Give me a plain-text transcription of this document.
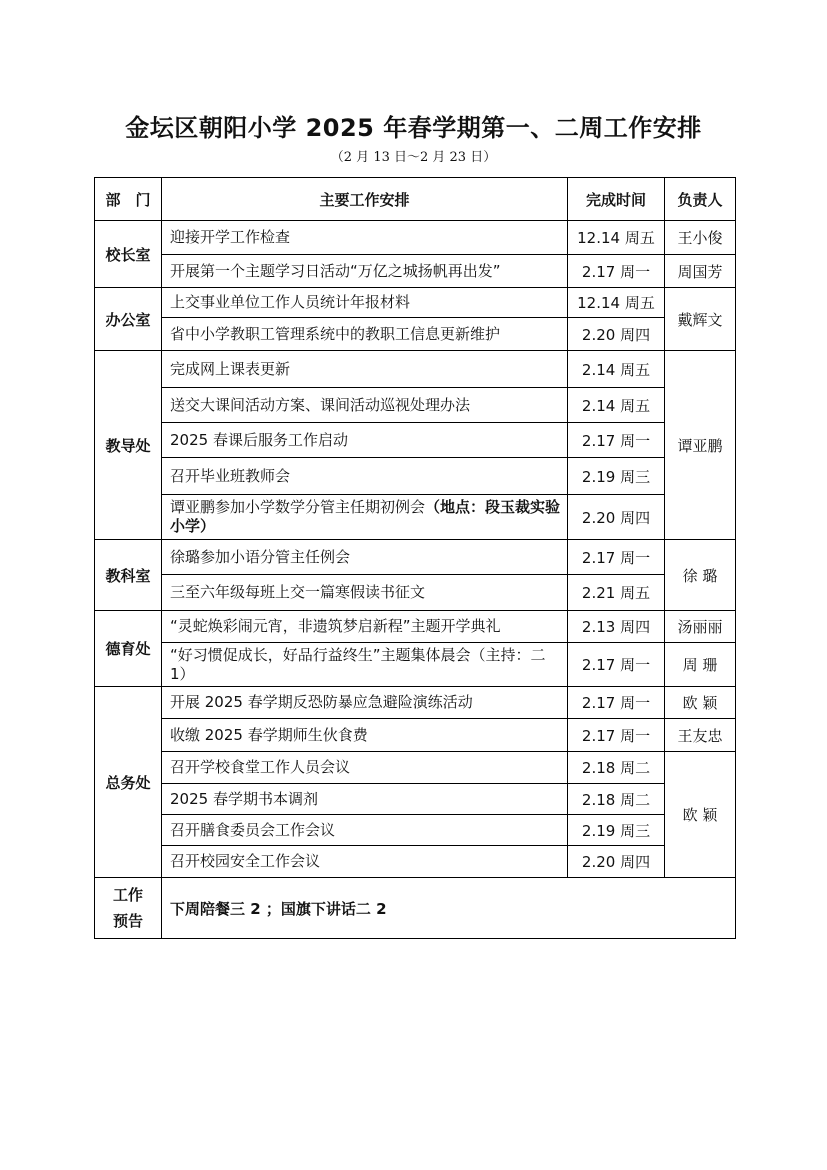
金坛区朝阳小学 2025 年春学期第一、二周工作安排
（2 月 13 日～2 月 23 日）
部　门	主要工作安排	完成时间	负责人
校长室	迎接开学工作检查	12.14 周五	王小俊
	开展第一个主题学习日活动“万亿之城扬帆再出发”	2.17 周一	周国芳
办公室	上交事业单位工作人员统计年报材料	12.14 周五	戴辉文
	省中小学教职工管理系统中的教职工信息更新维护	2.20 周四	
教导处	完成网上课表更新	2.14 周五	谭亚鹏
	送交大课间活动方案、课间活动巡视处理办法	2.14 周五	
	2025 春课后服务工作启动	2.17 周一	
	召开毕业班教师会	2.19 周三	
	谭亚鹏参加小学数学分管主任期初例会（地点：段玉裁实验小学）	2.20 周四	
教科室	徐璐参加小语分管主任例会	2.17 周一	徐 璐
	三至六年级每班上交一篇寒假读书征文	2.21 周五	
德育处	“灵蛇焕彩闹元宵，非遗筑梦启新程”主题开学典礼	2.13 周四	汤丽丽
	“好习惯促成长，好品行益终生”主题集体晨会（主持：二 1）	2.17 周一	周 珊
总务处	开展 2025 春学期反恐防暴应急避险演练活动	2.17 周一	欧 颖
	收缴 2025 春学期师生伙食费	2.17 周一	王友忠
	召开学校食堂工作人员会议	2.18 周二	欧 颖
	2025 春学期书本调剂	2.18 周二	
	召开膳食委员会工作会议	2.19 周三	
	召开校园安全工作会议	2.20 周四	
工作
预告	下周陪餐三 2 ；国旗下讲话二 2		
